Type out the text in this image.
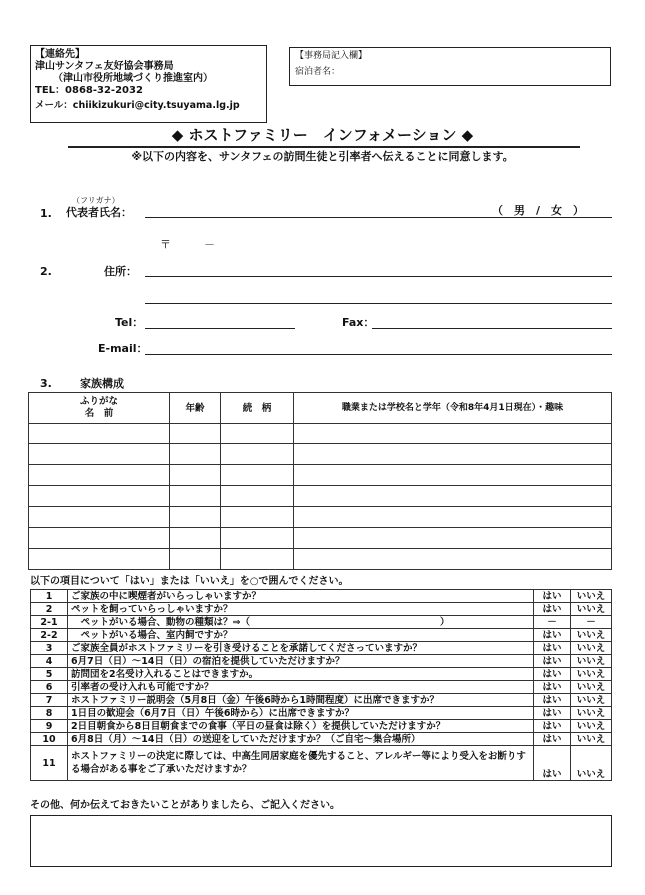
【連絡先】
津山サンタフェ友好協会事務局
（津山市役所地域づくり推進室内）
TEL：0868-32-2032
メール：chiikizukuri@city.tsuyama.lg.jp
【事務局記入欄】
宿泊者名：
◆ ホストファミリー　インフォメーション ◆
※以下の内容を、サンタフェの訪問生徒と引率者へ伝えることに同意します。
（フリガナ）
1. 代表者氏名：	（　男　/　女　）
〒　　　－
2.	住所：
Tel：	Fax：
E-mail：
3.	家族構成
ふりがな
名　前	年齢	続　柄	職業または学校名と学年（令和8年4月1日現在）・趣味

以下の項目について「はい」または「いいえ」を○で囲んでください。
1	ご家族の中に喫煙者がいらっしゃいますか？	はい	いいえ
2	ペットを飼っていらっしゃいますか？	はい	いいえ
2-1	　ペットがいる場合、動物の種類は？⇒（　　　　　　　　　　　　　　　　　　　　）	－	－
2-2	　ペットがいる場合、室内飼ですか？	はい	いいえ
3	ご家族全員がホストファミリーを引き受けることを承諾してくださっていますか？	はい	いいえ
4	6月7日（日）～14日（日）の宿泊を提供していただけますか？	はい	いいえ
5	訪問団を2名受け入れることはできますか。	はい	いいえ
6	引率者の受け入れも可能ですか？	はい	いいえ
7	ホストファミリー説明会（5月8日（金）午後6時から1時間程度）に出席できますか？	はい	いいえ
8	1日目の歓迎会（6月7日（日）午後6時から）に出席できますか？	はい	いいえ
9	2日目朝食から8日目朝食までの食事（平日の昼食は除く）を提供していただけますか？	はい	いいえ
10	6月8日（月）～14日（日）の送迎をしていただけますか？（ご自宅～集合場所）	はい	いいえ
11	ホストファミリーの決定に際しては、中高生同居家庭を優先すること、アレルギー等により受入をお断りする場合がある事をご了承いただけますか？	はい	いいえ
その他、何か伝えておきたいことがありましたら、ご記入ください。
